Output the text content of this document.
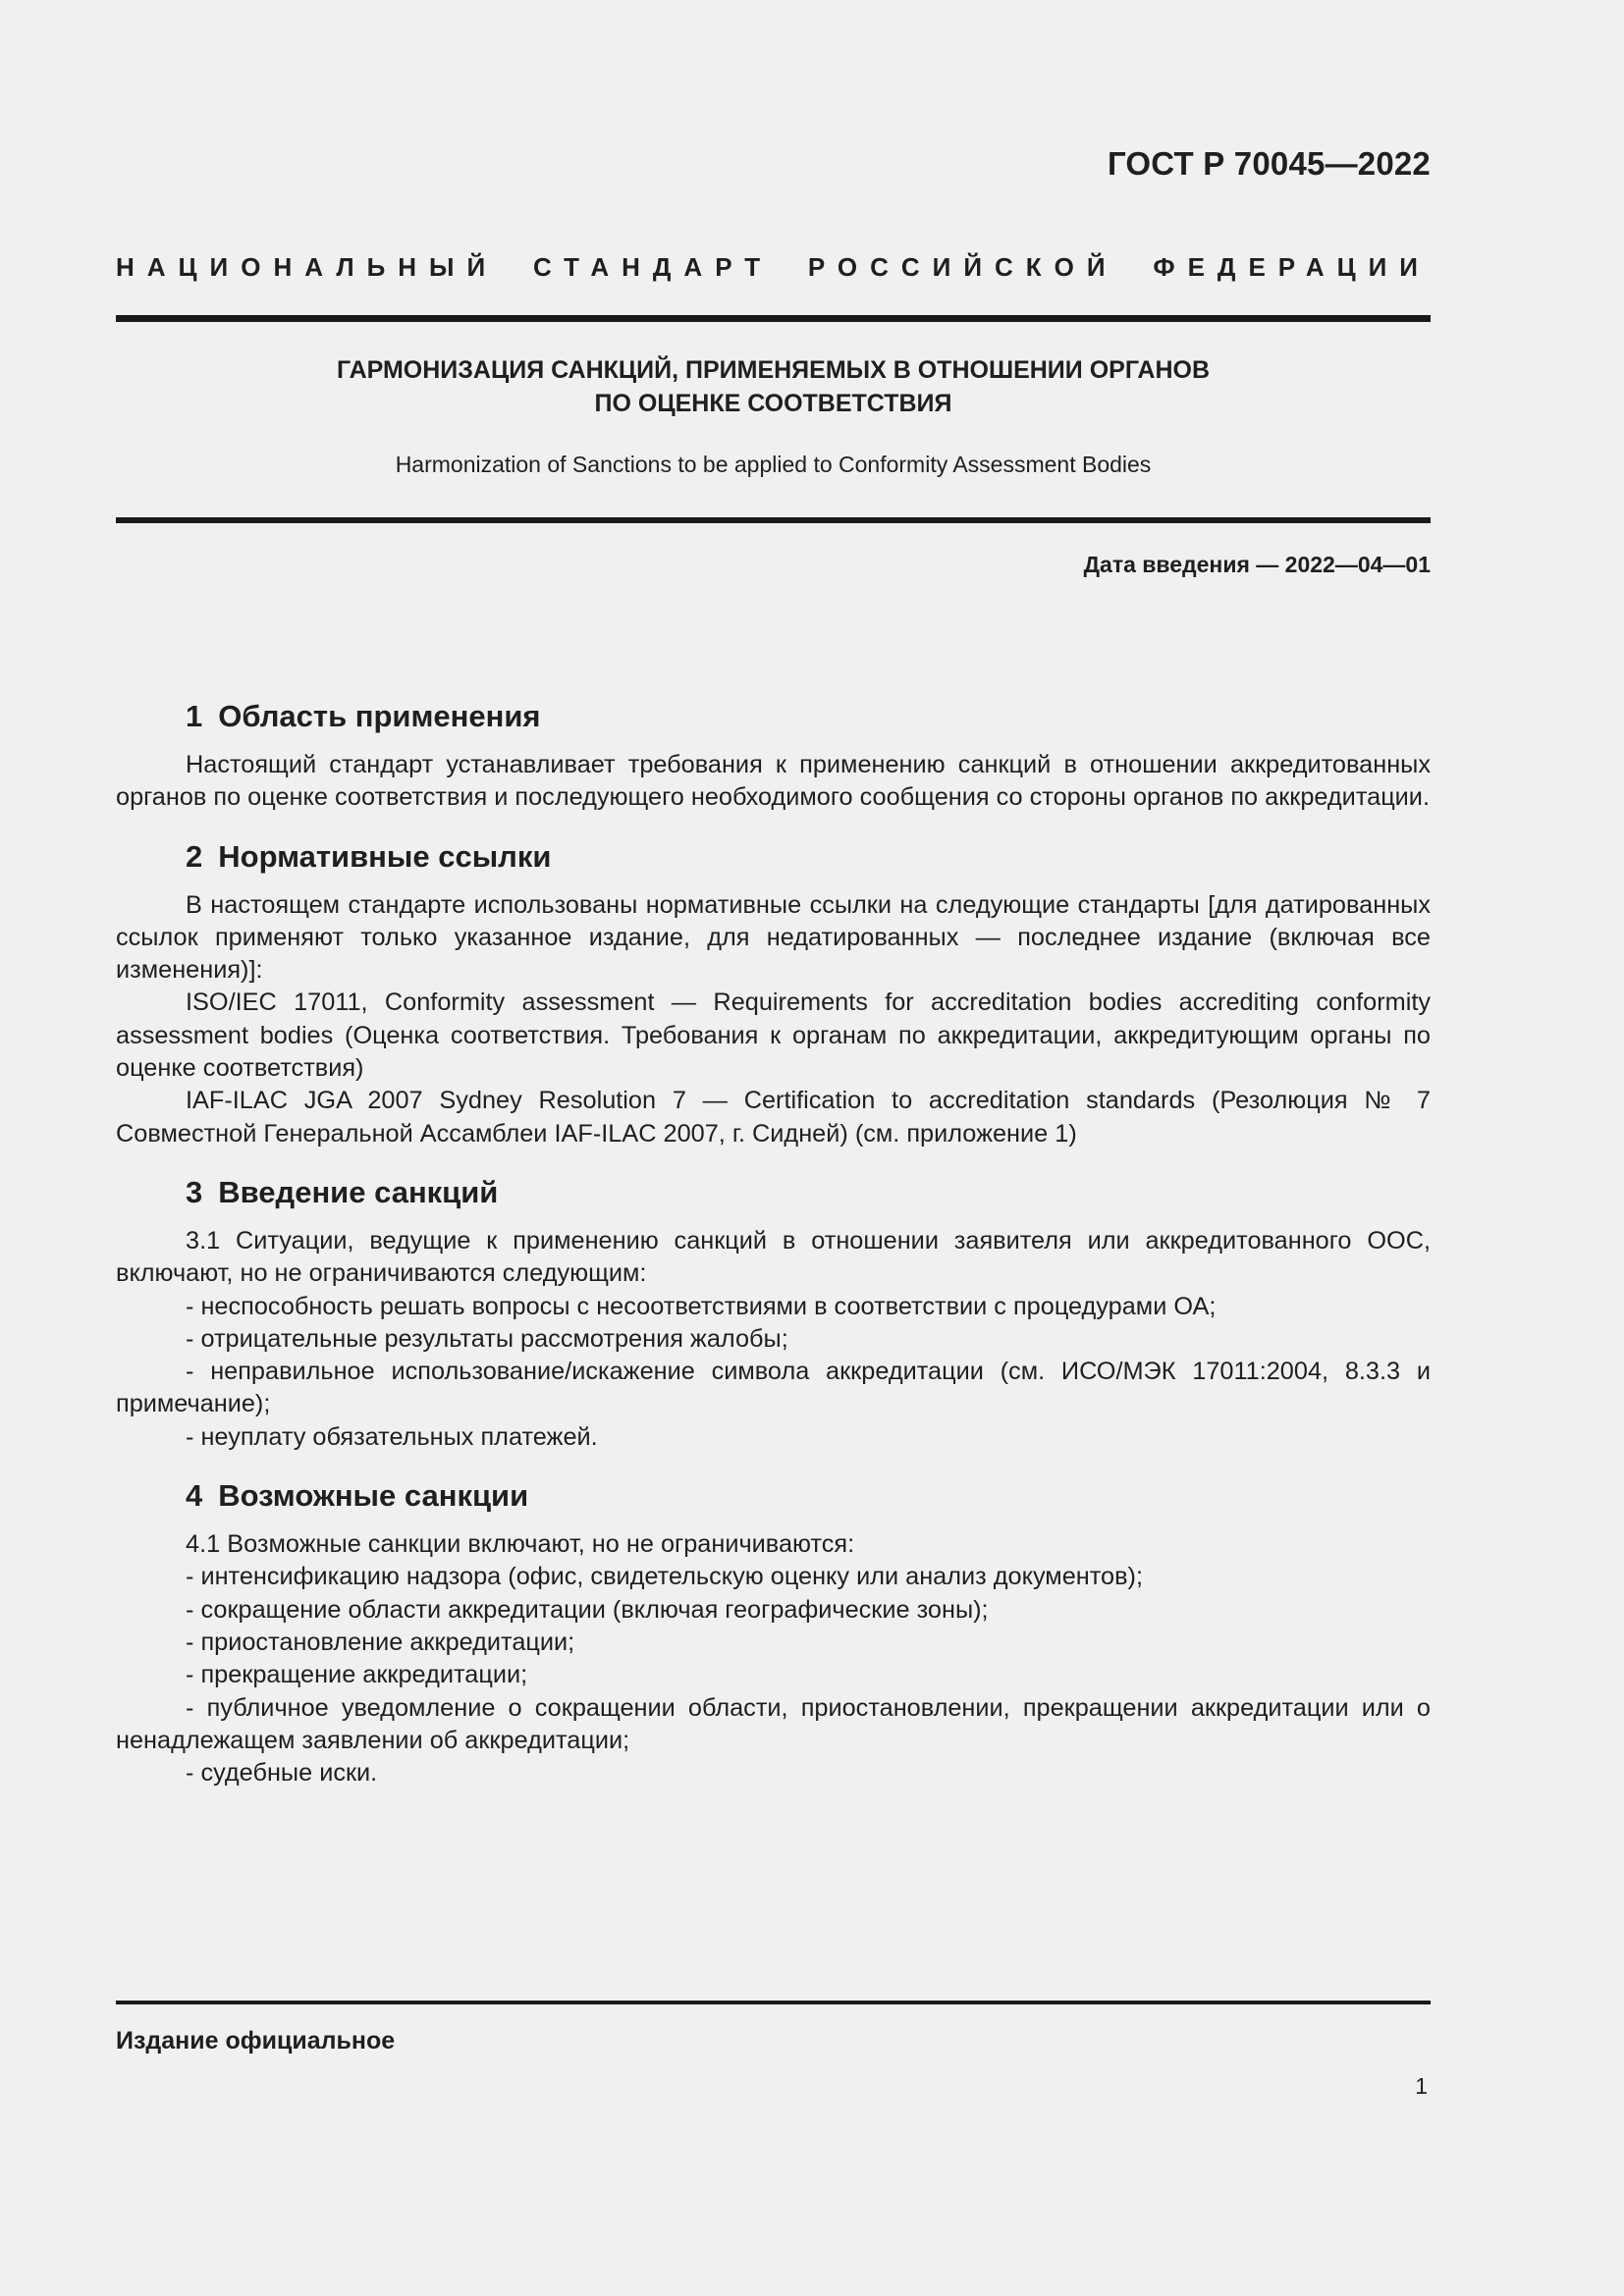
ГОСТ Р 70045—2022
НАЦИОНАЛЬНЫЙ СТАНДАРТ РОССИЙСКОЙ ФЕДЕРАЦИИ
ГАРМОНИЗАЦИЯ САНКЦИЙ, ПРИМЕНЯЕМЫХ В ОТНОШЕНИИ ОРГАНОВ
ПО ОЦЕНКЕ СООТВЕТСТВИЯ
Harmonization of Sanctions to be applied to Conformity Assessment Bodies
Дата введения — 2022—04—01
1 Область применения

Настоящий стандарт устанавливает требования к применению санкций в отношении аккредитованных органов по оценке соответствия и последующего необходимого сообщения со стороны органов по аккредитации.

2 Нормативные ссылки

В настоящем стандарте использованы нормативные ссылки на следующие стандарты [для датированных ссылок применяют только указанное издание, для недатированных — последнее издание (включая все изменения)]:

ISO/IEC 17011, Conformity assessment — Requirements for accreditation bodies accrediting conformity assessment bodies (Оценка соответствия. Требования к органам по аккредитации, аккредитующим органы по оценке соответствия)

IAF-ILAC JGA 2007 Sydney Resolution 7 — Certification to accreditation standards (Резолюция № 7 Совместной Генеральной Ассамблеи IAF-ILAC 2007, г. Сидней) (см. приложение 1)

3 Введение санкций

3.1 Ситуации, ведущие к применению санкций в отношении заявителя или аккредитованного ООС, включают, но не ограничиваются следующим:

- неспособность решать вопросы с несоответствиями в соответствии с процедурами ОА;

- отрицательные результаты рассмотрения жалобы;

- неправильное использование/искажение символа аккредитации (см. ИСО/МЭК 17011:2004, 8.3.3 и примечание);

- неуплату обязательных платежей.

4 Возможные санкции

4.1 Возможные санкции включают, но не ограничиваются:

- интенсификацию надзора (офис, свидетельскую оценку или анализ документов);

- сокращение области аккредитации (включая географические зоны);

- приостановление аккредитации;

- прекращение аккредитации;

- публичное уведомление о сокращении области, приостановлении, прекращении аккредитации или о ненадлежащем заявлении об аккредитации;

- судебные иски.

Издание официальное
1
